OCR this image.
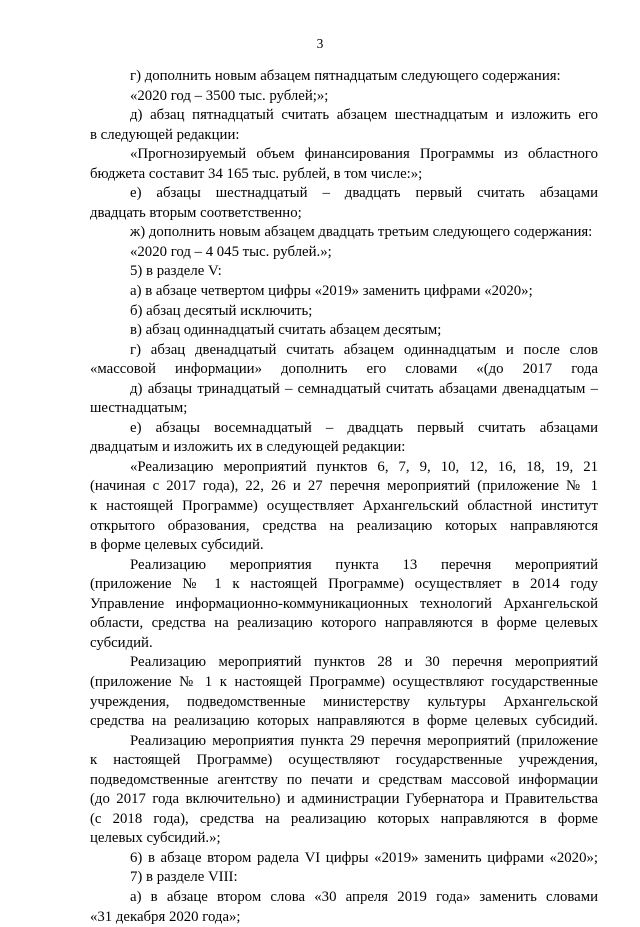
3
г) дополнить новым абзацем пятнадцатым следующего содержания:
«2020 год – 3500 тыс. рублей;»;
д) абзац пятнадцатый считать абзацем шестнадцатым и изложить его
в следующей редакции:
«Прогнозируемый объем финансирования Программы из областного
бюджета составит 34 165 тыс. рублей, в том числе:»;
е) абзацы шестнадцатый – двадцать первый считать абзацами
двадцать вторым соответственно;
ж) дополнить новым абзацем двадцать третьим следующего содержания:
«2020 год – 4 045 тыс. рублей.»;
5) в разделе V:
а) в абзаце четвертом цифры «2019» заменить цифрами «2020»;
б) абзац десятый исключить;
в) абзац одиннадцатый считать абзацем десятым;
г) абзац двенадцатый считать абзацем одиннадцатым и после слов
«массовой информации» дополнить его словами «(до 2017 года
д) абзацы тринадцатый – семнадцатый считать абзацами двенадцатым –
шестнадцатым;
е) абзацы восемнадцатый – двадцать первый считать абзацами
двадцатым и изложить их в следующей редакции:
«Реализацию мероприятий пунктов 6, 7, 9, 10, 12, 16, 18, 19, 21
(начиная с 2017 года), 22, 26 и 27 перечня мероприятий (приложение № 1
к настоящей Программе) осуществляет Архангельский областной институт
открытого образования, средства на реализацию которых направляются
в форме целевых субсидий.
Реализацию мероприятия пункта 13 перечня мероприятий
(приложение № 1 к настоящей Программе) осуществляет в 2014 году
Управление информационно-коммуникационных технологий Архангельской
области, средства на реализацию которого направляются в форме целевых
субсидий.
Реализацию мероприятий пунктов 28 и 30 перечня мероприятий
(приложение № 1 к настоящей Программе) осуществляют государственные
учреждения, подведомственные министерству культуры Архангельской
средства на реализацию которых направляются в форме целевых субсидий.
Реализацию мероприятия пункта 29 перечня мероприятий (приложение
к настоящей Программе) осуществляют государственные учреждения,
подведомственные агентству по печати и средствам массовой информации
(до 2017 года включительно) и администрации Губернатора и Правительства
(с 2018 года), средства на реализацию которых направляются в форме
целевых субсидий.»;
6) в абзаце втором радела VI цифры «2019» заменить цифрами «2020»;
7) в разделе VIII:
а) в абзаце втором слова «30 апреля 2019 года» заменить словами
«31 декабря 2020 года»;
